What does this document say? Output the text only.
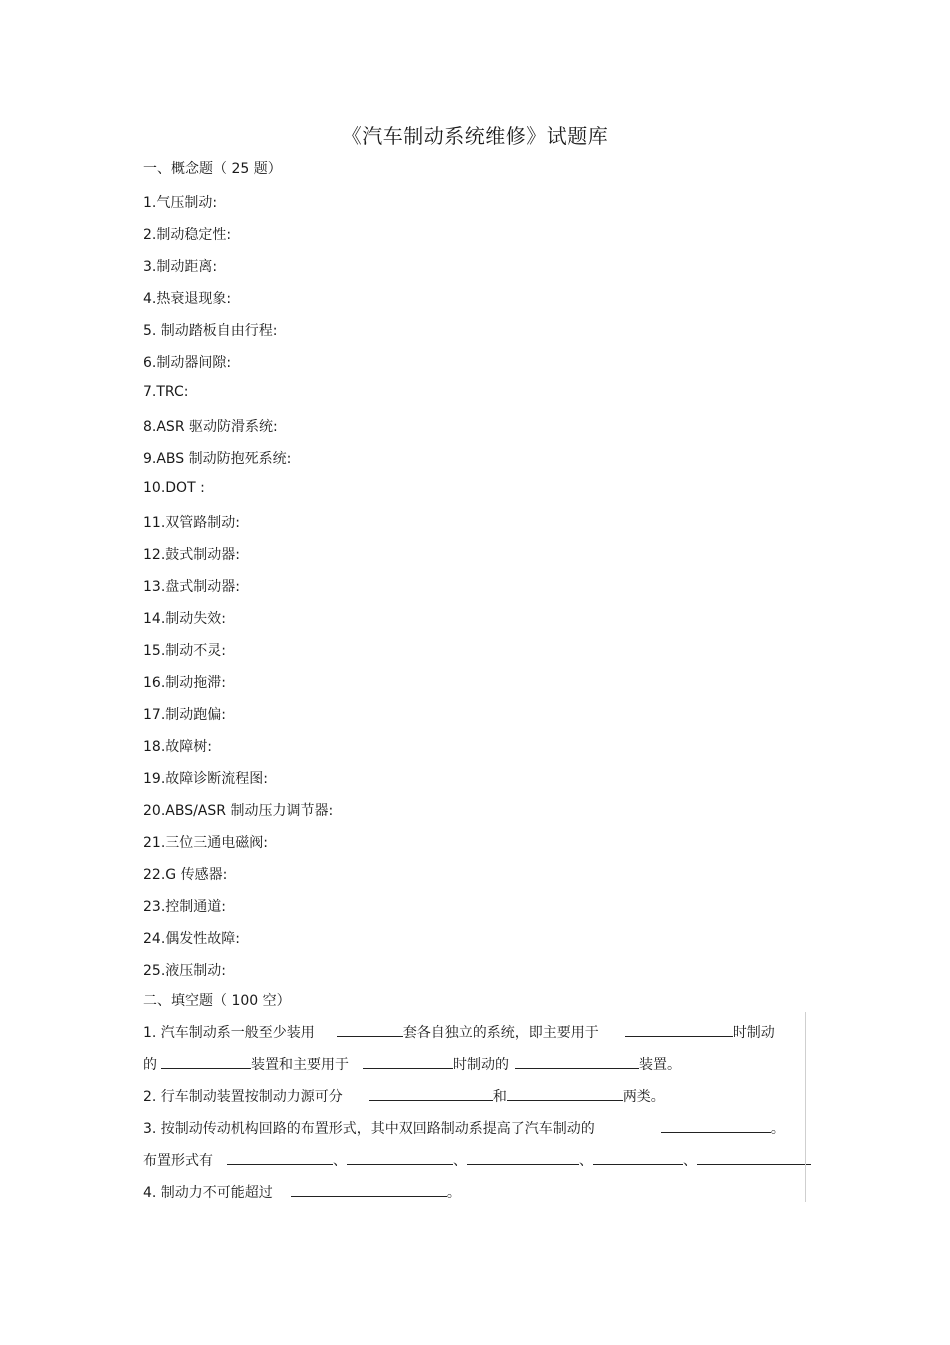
《汽车制动系统维修》试题库
一、概念题（ 25 题）
1.气压制动:
2.制动稳定性:
3.制动距离:
4.热衰退现象:
5. 制动踏板自由行程:
6.制动器间隙:
7.TRC:
8.ASR 驱动防滑系统:
9.ABS 制动防抱死系统:
10.DOT :
11.双管路制动:
12.鼓式制动器:
13.盘式制动器:
14.制动失效:
15.制动不灵:
16.制动拖滞:
17.制动跑偏:
18.故障树:
19.故障诊断流程图:
20.ABS/ASR 制动压力调节器:
21.三位三通电磁阀:
22.G 传感器:
23.控制通道:
24.偶发性故障:
25.液压制动:
二、填空题（ 100 空）
1. 汽车制动系一般至少装用	套各自独立的系统，即主要用于	时制动
的	装置和主要用于	时制动的	装置。
2. 行车制动装置按制动力源可分	和	两类。
3. 按制动传动机构回路的布置形式，其中双回路制动系提高了汽车制动的	。
布置形式有	、	、	、	、
4. 制动力不可能超过	。
